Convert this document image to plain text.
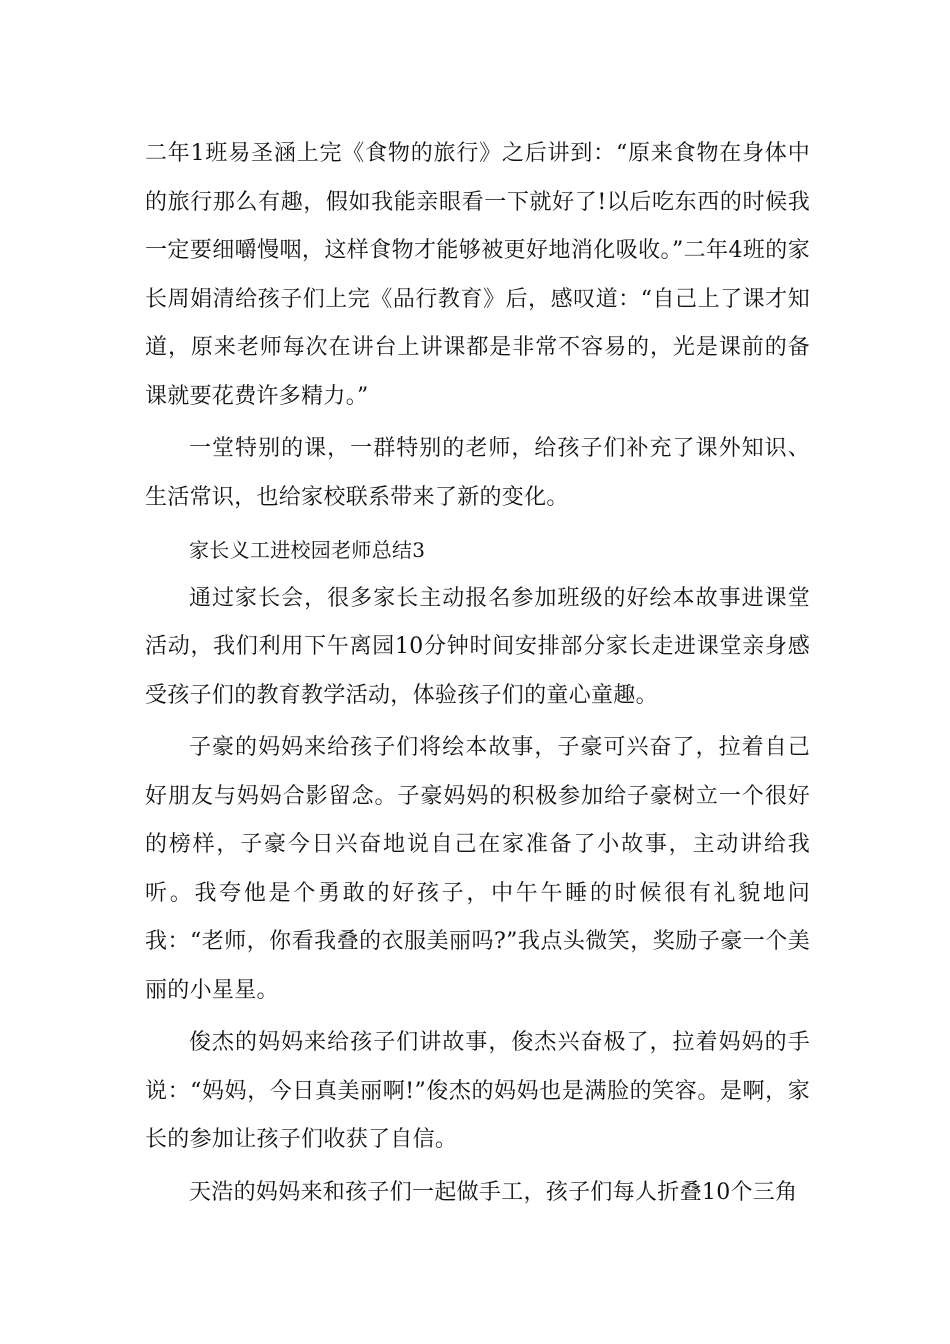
二年1班易圣涵上完《食物的旅行》之后讲到：“原来食物在身体中的旅行那么有趣，假如我能亲眼看一下就好了!以后吃东西的时候我一定要细嚼慢咽，这样食物才能够被更好地消化吸收。”二年4班的家长周娟清给孩子们上完《品行教育》后，感叹道：“自己上了课才知道，原来老师每次在讲台上讲课都是非常不容易的，光是课前的备课就要花费许多精力。”

一堂特别的课，一群特别的老师，给孩子们补充了课外知识、生活常识，也给家校联系带来了新的变化。

家长义工进校园老师总结3

通过家长会，很多家长主动报名参加班级的好绘本故事进课堂活动，我们利用下午离园10分钟时间安排部分家长走进课堂亲身感受孩子们的教育教学活动，体验孩子们的童心童趣。

子豪的妈妈来给孩子们将绘本故事，子豪可兴奋了，拉着自己好朋友与妈妈合影留念。子豪妈妈的积极参加给子豪树立一个很好的榜样，子豪今日兴奋地说自己在家准备了小故事，主动讲给我听。我夸他是个勇敢的好孩子，中午午睡的时候很有礼貌地问我：“老师，你看我叠的衣服美丽吗?”我点头微笑，奖励子豪一个美丽的小星星。

俊杰的妈妈来给孩子们讲故事，俊杰兴奋极了，拉着妈妈的手说：“妈妈，今日真美丽啊!”俊杰的妈妈也是满脸的笑容。是啊，家长的参加让孩子们收获了自信。

天浩的妈妈来和孩子们一起做手工，孩子们每人折叠10个三角
